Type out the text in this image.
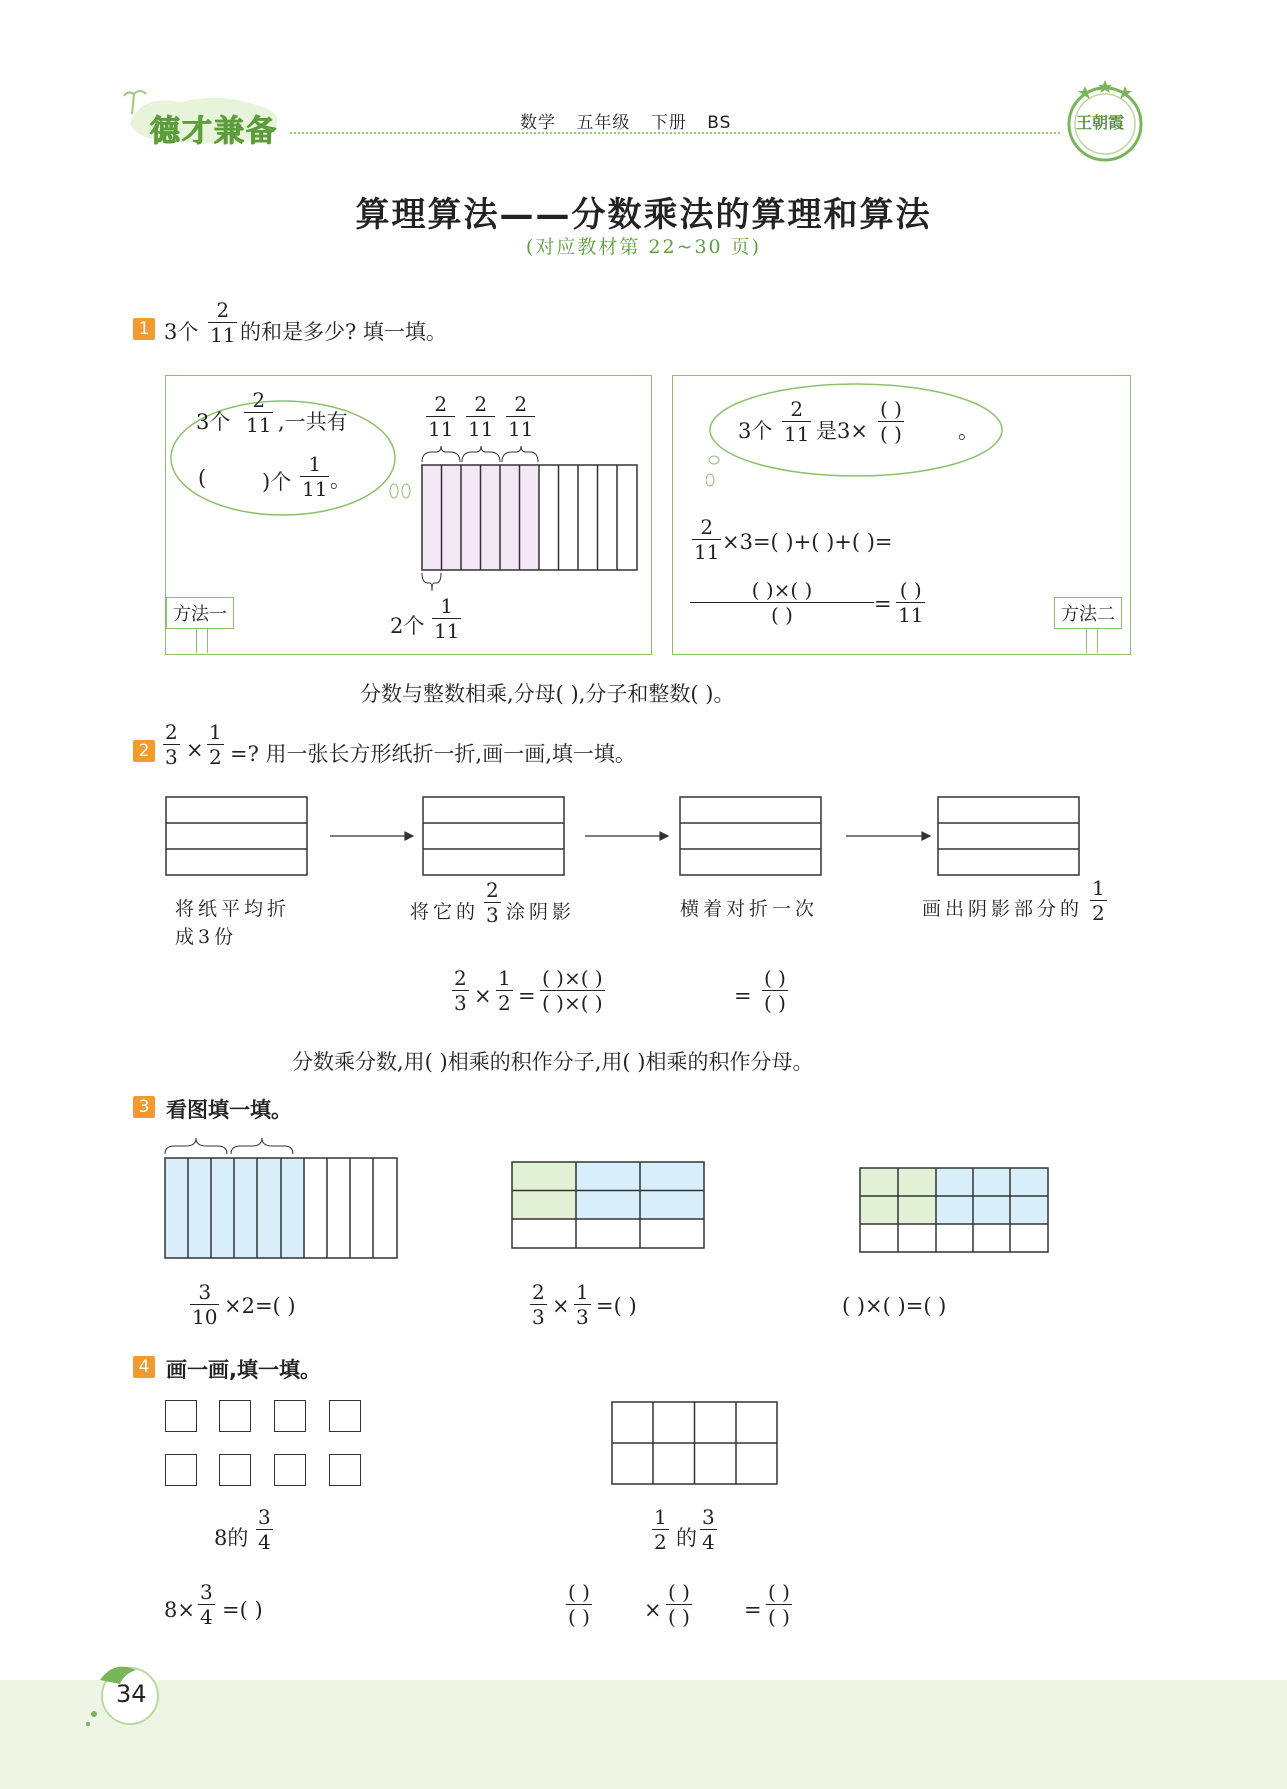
德才兼备	数学 五年级 下册 BS	王朝霞
算理算法——分数乘法的算理和算法
(对应教材第 22~30 页)
1 3个 $\frac{2}{11}$ 的和是多少? 填一填。
3个 $\frac{2}{11}$ ,一共有
(	)个 $\frac{1}{11}$ 。
$\frac{2}{11} \frac{2}{11} \frac{2}{11}$
2个 $\frac{1}{11}$
方法一
3个 $\frac{2}{11}$ 是3×
( )
( )	。
$\frac{2}{11} \times 3=$( )+( )+( )=
( )×( )
( )	=
( )
11	方法二
分数与整数相乘,分母( ),分子和整数( )。
$2 \frac{2}{3} \times \frac{1}{2}$ =? 用一张长方形纸折一折,画一画,填一填。
将纸平均折
成3份
将它的 $\frac{2}{3}$ 涂阴影	横着对折一次	画出阴影部分的 $\frac{1}{2}$
$\frac{2}{3} \times \frac{1}{2}$ =
( )×( )
( )×( )	=
( )
( )
分数乘分数,用( )相乘的积作分子,用( )相乘的积作分母。
3 看图填一填。
$\frac{3}{10} \times 2=$( )	$\frac{2}{3} \times \frac{1}{3}$ =( )	( )×( )=( )
4 画一画,填一填。
8的 $\frac{3}{4}$
$8\times \frac{3}{4}$ =( )
$\frac{1}{2}$ 的 $\frac{3}{4}$
( )
( )	×
( )
( )	=
( )
( )
34
